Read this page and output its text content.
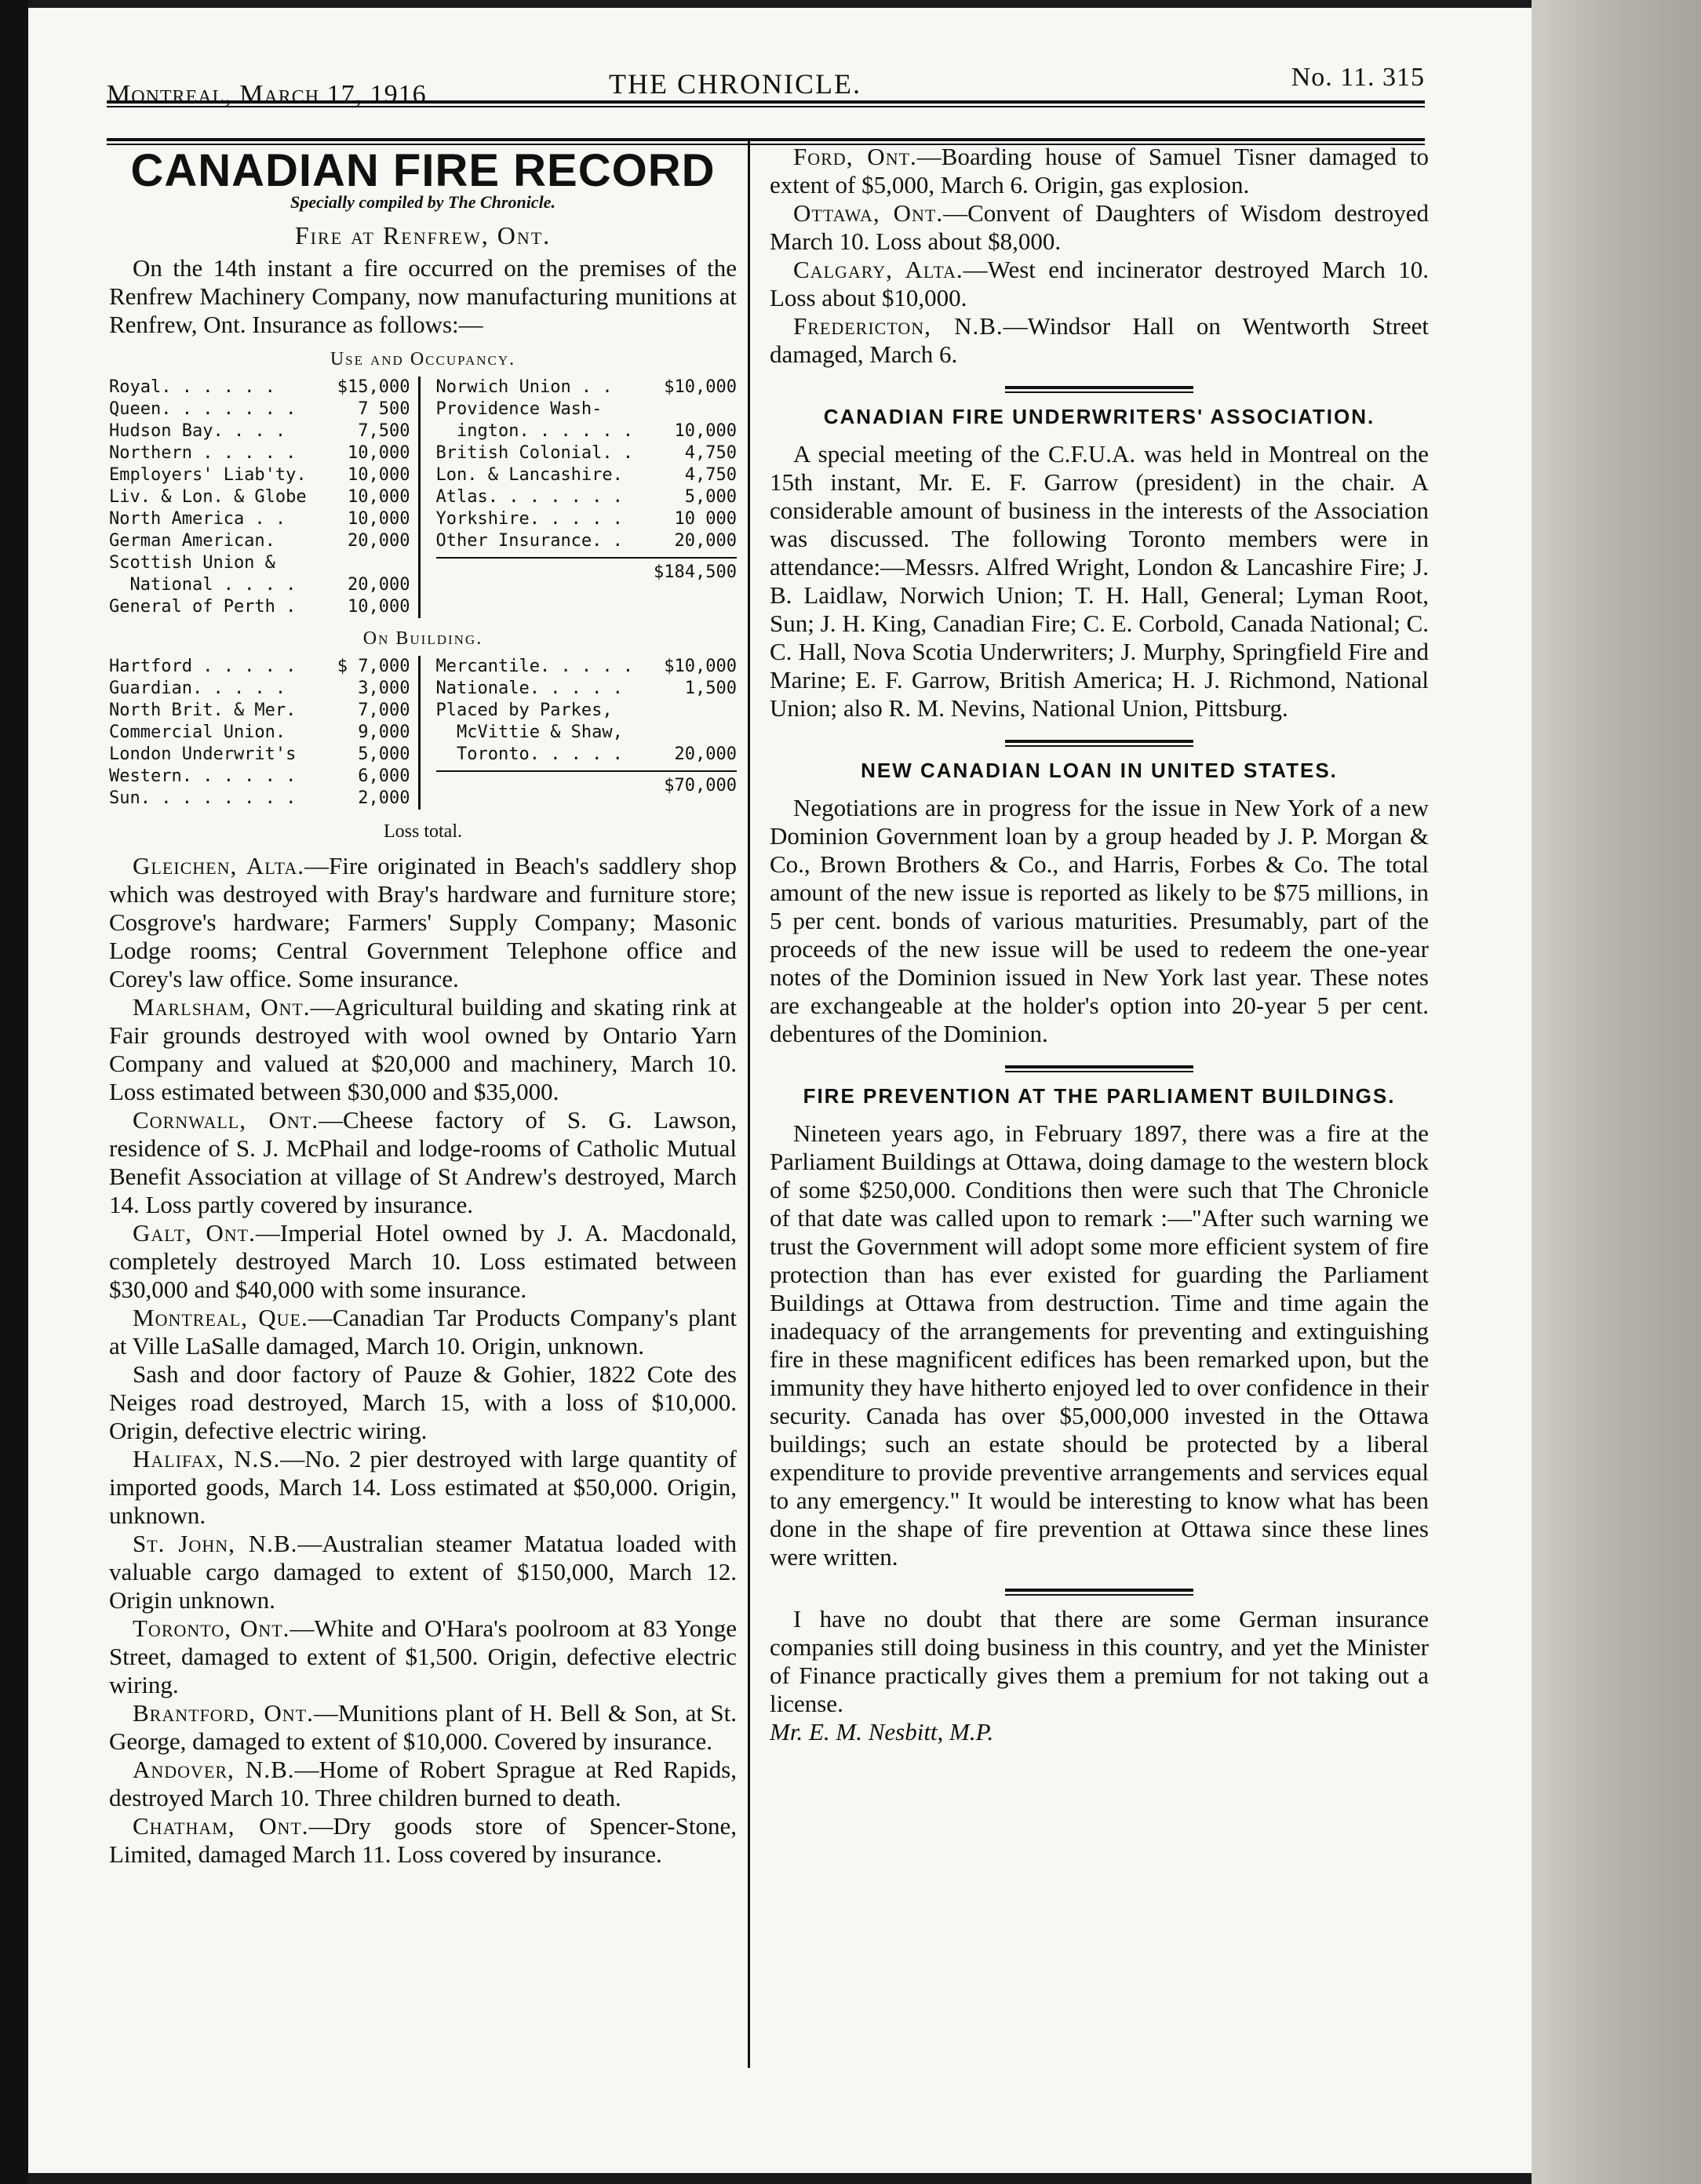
Montreal, March 17, 1916	THE CHRONICLE.	No. 11. 315
CANADIAN FIRE RECORD
Specially compiled by The Chronicle.
Fire at Renfrew, Ont.

On the 14th instant a fire occurred on the premises of the Renfrew Machinery Company, now manufacturing munitions at Renfrew, Ont. Insurance as follows:—

Use and Occupancy.
Royal. . . . . .	$15,000
Queen. . . . . . .	7 500
Hudson Bay. . . .	7,500
Northern . . . . .	10,000
Employers' Liab'ty.	10,000
Liv. & Lon. & Globe	10,000
North America . .	10,000
German American.	20,000
Scottish Union &
National . . . .	20,000
General of Perth .	10,000
Norwich Union . .	$10,000
Providence Wash-
ington. . . . . .	10,000
British Colonial. .	4,750
Lon. & Lancashire.	4,750
Atlas. . . . . . .	5,000
Yorkshire. . . . .	10 000
Other Insurance. .	20,000
$184,500
On Building.
Hartford . . . . .	$ 7,000
Guardian. . . . .	3,000
North Brit. & Mer.	7,000
Commercial Union.	9,000
London Underwrit's	5,000
Western. . . . . .	6,000
Sun. . . . . . . .	2,000
Mercantile. . . . .	$10,000
Nationale. . . . .	1,500
Placed by Parkes,
McVittie & Shaw,
Toronto. . . . .	20,000
$70,000
Loss total.

Gleichen, Alta.—Fire originated in Beach's saddlery shop which was destroyed with Bray's hardware and furniture store; Cosgrove's hardware; Farmers' Supply Company; Masonic Lodge rooms; Central Government Telephone office and Corey's law office. Some insurance.

Marlsham, Ont.—Agricultural building and skating rink at Fair grounds destroyed with wool owned by Ontario Yarn Company and valued at $20,000 and machinery, March 10. Loss estimated between $30,000 and $35,000.

Cornwall, Ont.—Cheese factory of S. G. Lawson, residence of S. J. McPhail and lodge-rooms of Catholic Mutual Benefit Association at village of St Andrew's destroyed, March 14. Loss partly covered by insurance.

Galt, Ont.—Imperial Hotel owned by J. A. Macdonald, completely destroyed March 10. Loss estimated between $30,000 and $40,000 with some insurance.

Montreal, Que.—Canadian Tar Products Company's plant at Ville LaSalle damaged, March 10. Origin, unknown.

Sash and door factory of Pauze & Gohier, 1822 Cote des Neiges road destroyed, March 15, with a loss of $10,000. Origin, defective electric wiring.

Halifax, N.S.—No. 2 pier destroyed with large quantity of imported goods, March 14. Loss estimated at $50,000. Origin, unknown.

St. John, N.B.—Australian steamer Matatua loaded with valuable cargo damaged to extent of $150,000, March 12. Origin unknown.

Toronto, Ont.—White and O'Hara's poolroom at 83 Yonge Street, damaged to extent of $1,500. Origin, defective electric wiring.

Brantford, Ont.—Munitions plant of H. Bell & Son, at St. George, damaged to extent of $10,000. Covered by insurance.

Andover, N.B.—Home of Robert Sprague at Red Rapids, destroyed March 10. Three children burned to death.

Chatham, Ont.—Dry goods store of Spencer-Stone, Limited, damaged March 11. Loss covered by insurance.

Ford, Ont.—Boarding house of Samuel Tisner damaged to extent of $5,000, March 6. Origin, gas explosion.

Ottawa, Ont.—Convent of Daughters of Wisdom destroyed March 10. Loss about $8,000.

Calgary, Alta.—West end incinerator destroyed March 10. Loss about $10,000.

Fredericton, N.B.—Windsor Hall on Wentworth Street damaged, March 6.

CANADIAN FIRE UNDERWRITERS' ASSOCIATION.

A special meeting of the C.F.U.A. was held in Montreal on the 15th instant, Mr. E. F. Garrow (president) in the chair. A considerable amount of business in the interests of the Association was discussed. The following Toronto members were in attendance:—Messrs. Alfred Wright, London & Lancashire Fire; J. B. Laidlaw, Norwich Union; T. H. Hall, General; Lyman Root, Sun; J. H. King, Canadian Fire; C. E. Corbold, Canada National; C. C. Hall, Nova Scotia Underwriters; J. Murphy, Springfield Fire and Marine; E. F. Garrow, British America; H. J. Richmond, National Union; also R. M. Nevins, National Union, Pittsburg.

NEW CANADIAN LOAN IN UNITED STATES.

Negotiations are in progress for the issue in New York of a new Dominion Government loan by a group headed by J. P. Morgan & Co., Brown Brothers & Co., and Harris, Forbes & Co. The total amount of the new issue is reported as likely to be $75 millions, in 5 per cent. bonds of various maturities. Presumably, part of the proceeds of the new issue will be used to redeem the one-year notes of the Dominion issued in New York last year. These notes are exchangeable at the holder's option into 20-year 5 per cent. debentures of the Dominion.

FIRE PREVENTION AT THE PARLIAMENT BUILDINGS.

Nineteen years ago, in February 1897, there was a fire at the Parliament Buildings at Ottawa, doing damage to the western block of some $250,000. Conditions then were such that The Chronicle of that date was called upon to remark :—"After such warning we trust the Government will adopt some more efficient system of fire protection than has ever existed for guarding the Parliament Buildings at Ottawa from destruction. Time and time again the inadequacy of the arrangements for preventing and extinguishing fire in these magnificent edifices has been remarked upon, but the immunity they have hitherto enjoyed led to over confidence in their security. Canada has over $5,000,000 invested in the Ottawa buildings; such an estate should be protected by a liberal expenditure to provide preventive arrangements and services equal to any emergency." It would be interesting to know what has been done in the shape of fire prevention at Ottawa since these lines were written.

I have no doubt that there are some German insurance companies still doing business in this country, and yet the Minister of Finance practically gives them a premium for not taking out a license.

Mr. E. M. Nesbitt, M.P.
